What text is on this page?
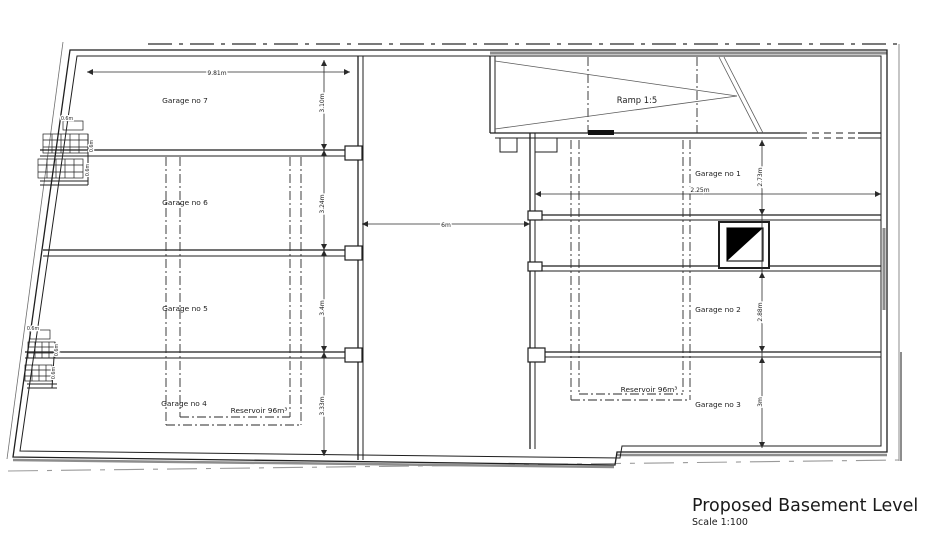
9.81m
6m
2.25m
3.10m
3.24m
3.4m
3.33m
2.73m
2.88m
3m
0.6m
0.6m
0.6m
0.6m
0.6m
0.6m
Garage no 7
Garage no 6
Garage no 5
Garage no 4
Reservoir 96m³
Garage no 1
Garage no 2
Garage no 3
Reservoir 96m³
Ramp 1:5
Proposed Basement Level
Scale 1:100
